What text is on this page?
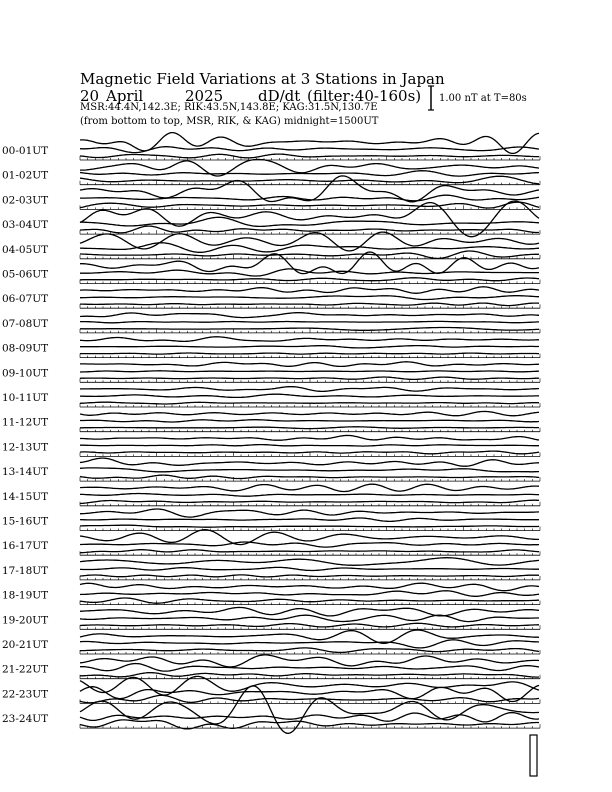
Magnetic Field Variations at 3 Stations in Japan
20 April	2025 dD/dt (filter:40-160s)
MSR:44.4N,142.3E; RIK:43.5N,143.8E; KAG:31.5N,130.7E
(from bottom to top, MSR, RIK, & KAG) midnight=1500UT
1.00 nT at T=80s
00-01UT
01-02UT
02-03UT
03-04UT
04-05UT
05-06UT
06-07UT
07-08UT
08-09UT
09-10UT
10-11UT
11-12UT
12-13UT
13-14UT
14-15UT
15-16UT
16-17UT
17-18UT
18-19UT
19-20UT
20-21UT
21-22UT
22-23UT
23-24UT
